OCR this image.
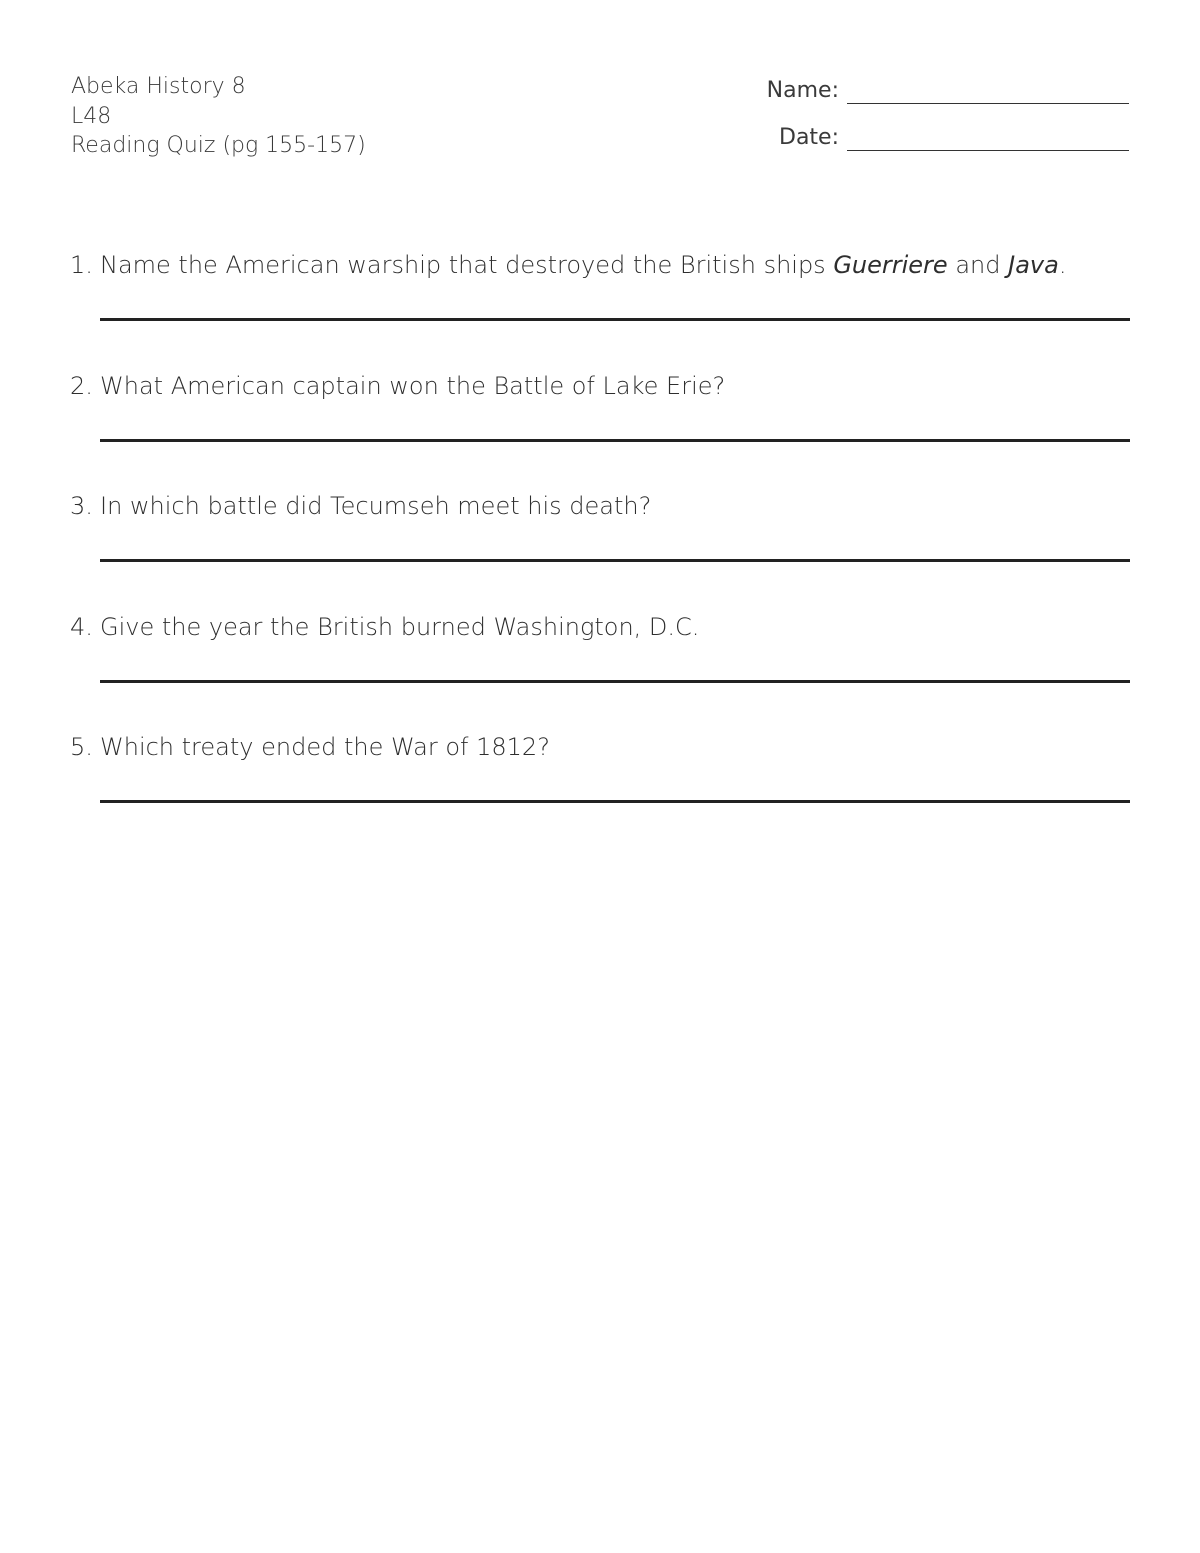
Abeka History 8
L48
Reading Quiz (pg 155-157)
Name:
Date:
1. Name the American warship that destroyed the British ships Guerriere and Java.
2. What American captain won the Battle of Lake Erie?
3. In which battle did Tecumseh meet his death?
4. Give the year the British burned Washington, D.C.
5. Which treaty ended the War of 1812?
